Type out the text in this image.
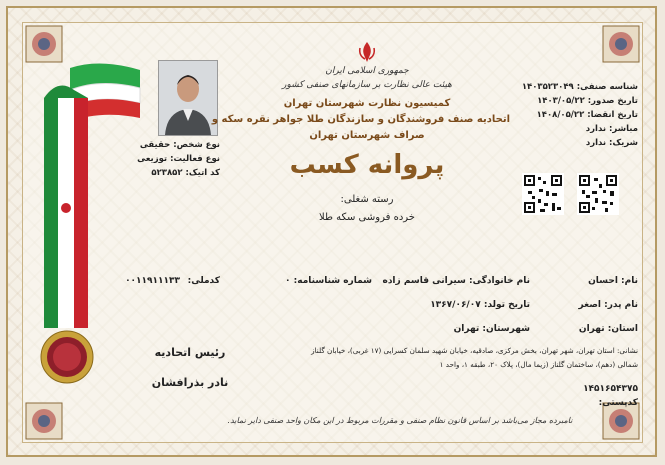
جمهوری اسلامی ایران
هیئت عالی نظارت بر سازمانهای صنفی کشور
کمیسیون نظارت شهرستان تهران
اتحادیه صنف فروشندگان و سازندگان طلا جواهر نقره سکه و
صراف شهرستان تهران
پروانه کسب
رسته شغلی:
خرده فروشی سکه طلا
نوع شخص: حقیقی
نوع فعالیت: توزیعی
کد اتیک: ۵۲۳۸۵۲
شناسه صنفی: ۱۴۰۳۵۲۳۰۴۹
تاریخ صدور: ۱۴۰۳/۰۵/۲۲
تاریخ انقضا: ۱۴۰۸/۰۵/۲۲
مباشر: ندارد
شریک: ندارد
نام: احسان
نام خانوادگی: سیرانی قاسم زاده
شماره شناسنامه: ۰
کدملی:
۰۰۱۱۹۱۱۱۳۳
نام پدر: اصغر
تاریخ تولد: ۱۳۶۷/۰۶/۰۷
استان: تهران
شهرستان: تهران
نشانی: استان تهران، شهر تهران، بخش مرکزی، صادقیه، خیابان شهید سلمان کسرایی (۱۷ غربی)، خیابان گلناز
شمالی (دهم)، ساختمان گلناز (زیما مال)، پلاک ۲۰، طبقه ۱، واحد ۱
کدپستی:
۱۴۵۱۶۵۴۳۷۵
رئیس اتحادیه
نادر بذرافشان
نامبرده مجاز می‌باشد بر اساس قانون نظام صنفی و مقررات مربوط در این مکان واحد صنفی دایر نماید.
